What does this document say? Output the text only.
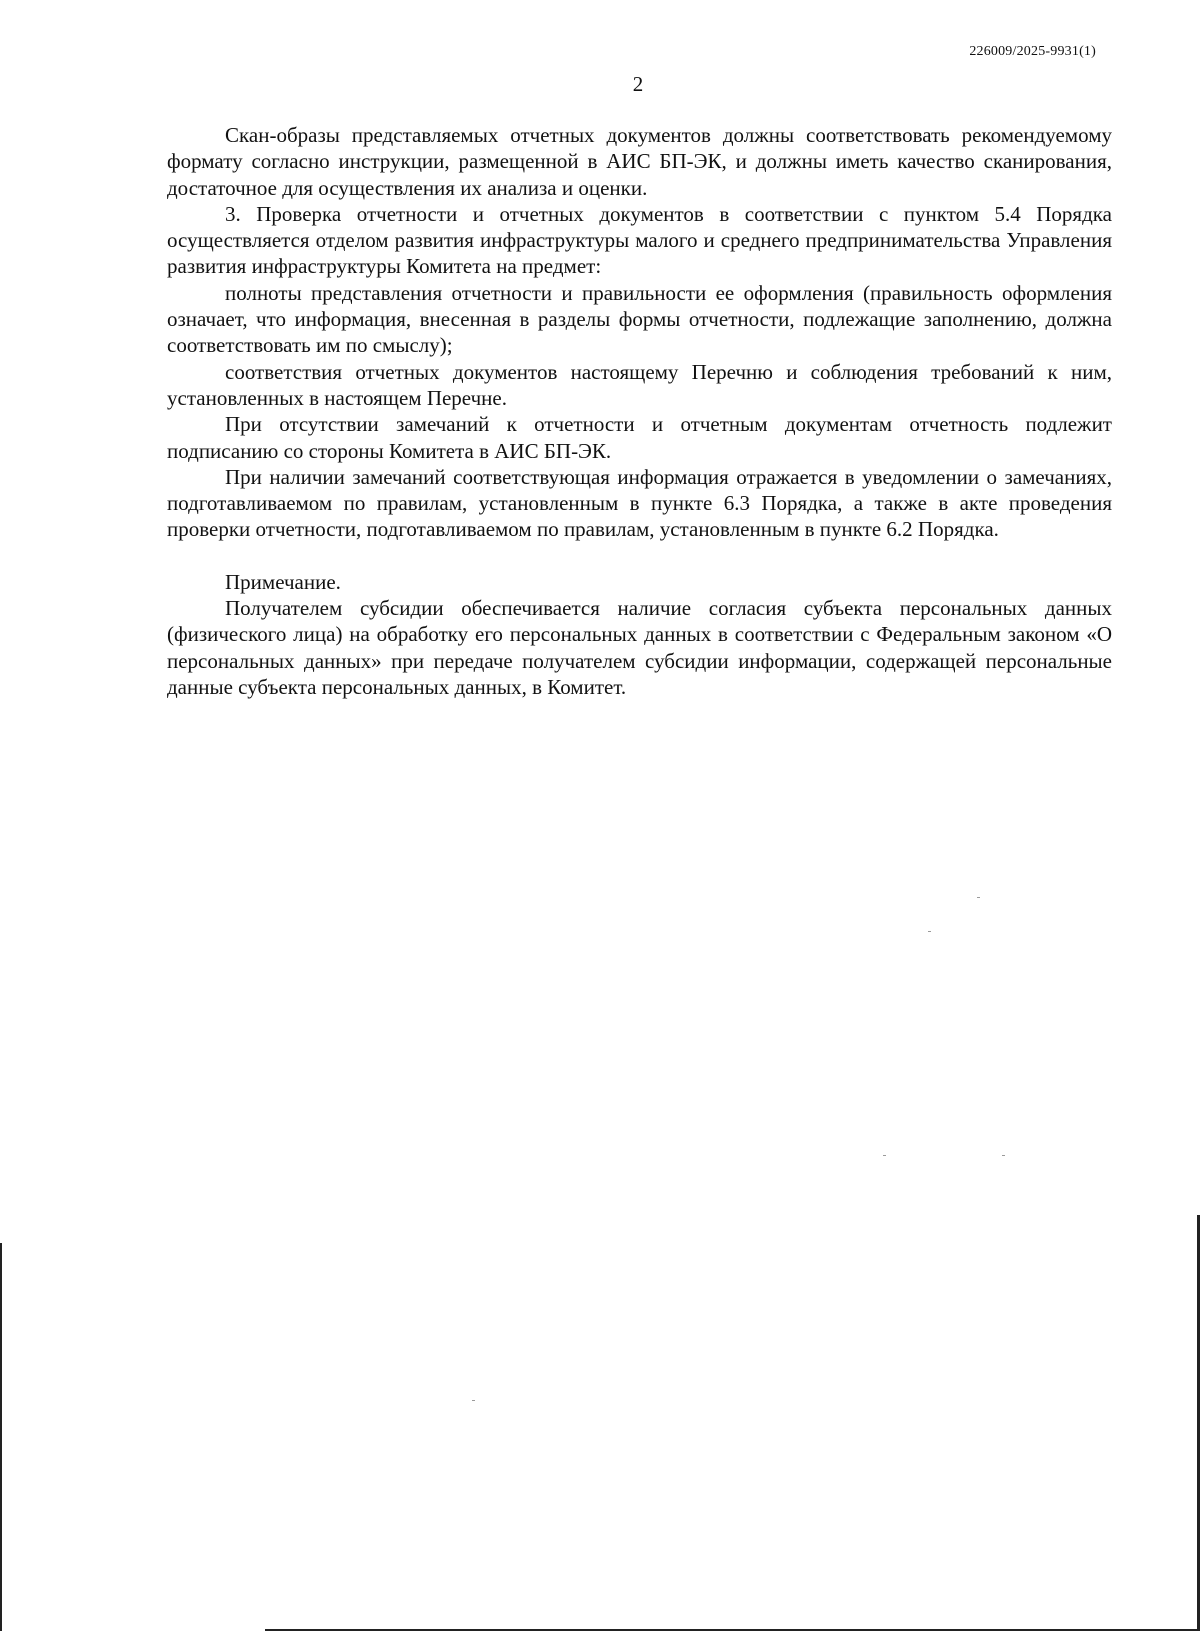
226009/2025-9931(1)
2

Скан-образы представляемых отчетных документов должны соответствовать рекомендуемому формату согласно инструкции, размещенной в АИС БП-ЭК, и должны иметь качество сканирования, достаточное для осуществления их анализа и оценки.

3. Проверка отчетности и отчетных документов в соответствии с пунктом 5.4 Порядка осуществляется отделом развития инфраструктуры малого и среднего предпринимательства Управления развития инфраструктуры Комитета на предмет:

полноты представления отчетности и правильности ее оформления (правильность оформления означает, что информация, внесенная в разделы формы отчетности, подлежащие заполнению, должна соответствовать им по смыслу);

соответствия отчетных документов настоящему Перечню и соблюдения требований к ним, установленных в настоящем Перечне.

При отсутствии замечаний к отчетности и отчетным документам отчетность подлежит подписанию со стороны Комитета в АИС БП-ЭК.

При наличии замечаний соответствующая информация отражается в уведомлении о замечаниях, подготавливаемом по правилам, установленным в пункте 6.3 Порядка, а также в акте проведения проверки отчетности, подготавливаемом по правилам, установленным в пункте 6.2 Порядка.

Примечание.

Получателем субсидии обеспечивается наличие согласия субъекта персональных данных (физического лица) на обработку его персональных данных в соответствии с Федеральным законом «О персональных данных» при передаче получателем субсидии информации, содержащей персональные данные субъекта персональных данных, в Комитет.
